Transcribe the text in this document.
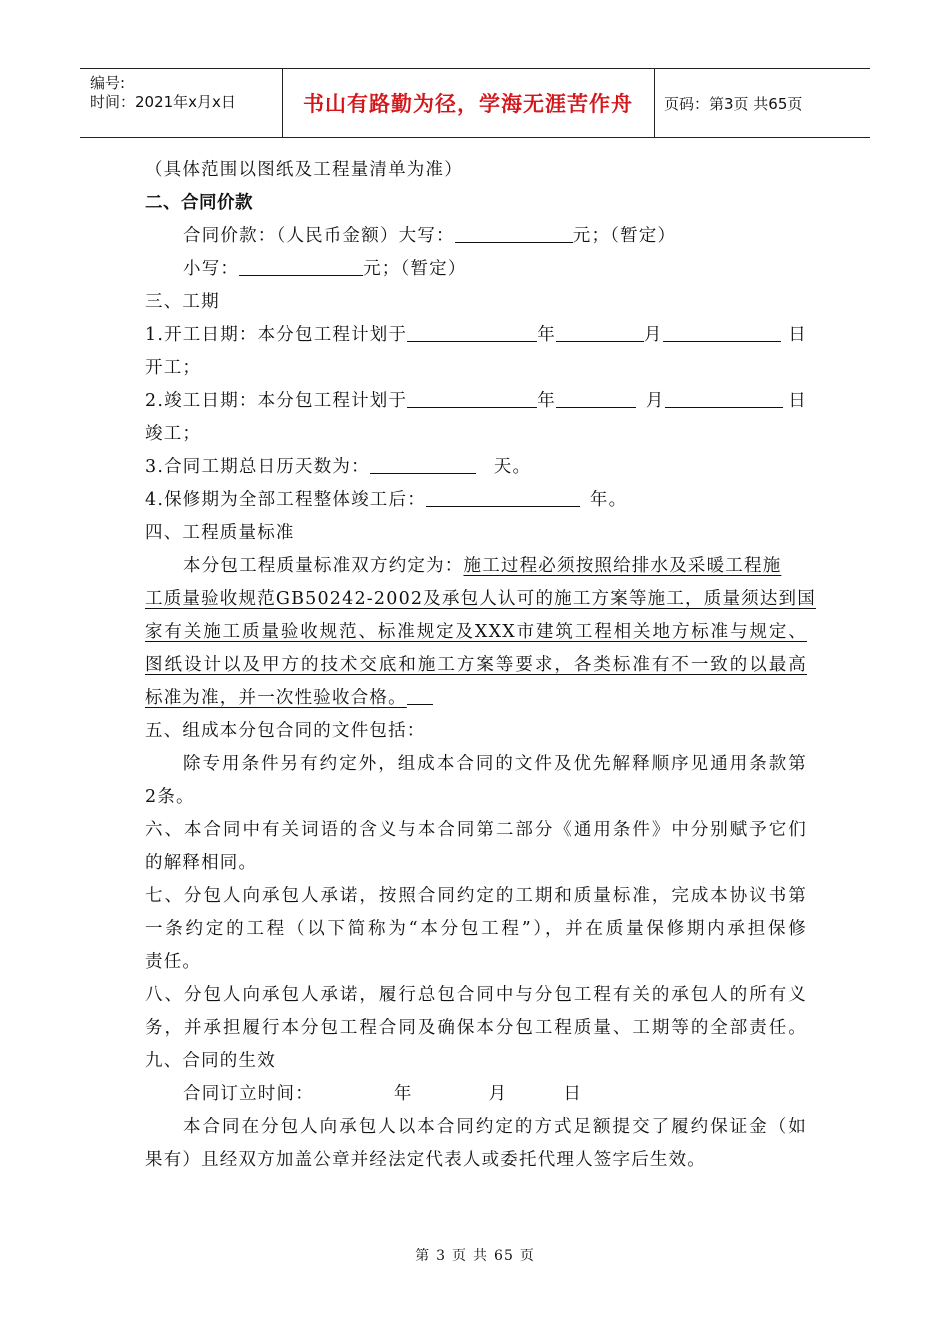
编号:
时间：2021年x月x日	书山有路勤为径，学海无涯苦作舟	页码：第3页 共65页
（具体范围以图纸及工程量清单为准）
二、合同价款
合同价款：（人民币金额）大写：	元；（暂定）
小写：	元；（暂定）
三、工期
1.开工日期：本分包工程计划于	年	月	日
开工；
2.竣工日期：本分包工程计划于	年	月	日
竣工；
3.合同工期总日历天数为：	天。
4.保修期为全部工程整体竣工后：	年。
四、工程质量标准
本分包工程质量标准双方约定为：施工过程必须按照给排水及采暖工程施
工质量验收规范GB50242-2002及承包人认可的施工方案等施工，质量须达到国
家有关施工质量验收规范、标准规定及XXX市建筑工程相关地方标准与规定、
图纸设计以及甲方的技术交底和施工方案等要求，各类标准有不一致的以最高
标准为准，并一次性验收合格。
五、组成本分包合同的文件包括：
除专用条件另有约定外，组成本合同的文件及优先解释顺序见通用条款第
2条。
六、本合同中有关词语的含义与本合同第二部分《通用条件》中分别赋予它们
的解释相同。
七、分包人向承包人承诺，按照合同约定的工期和质量标准，完成本协议书第
一条约定的工程（以下简称为“本分包工程”），并在质量保修期内承担保修
责任。
八、分包人向承包人承诺，履行总包合同中与分包工程有关的承包人的所有义
务，并承担履行本分包工程合同及确保本分包工程质量、工期等的全部责任。
九、合同的生效
合同订立时间：	年	月	日
本合同在分包人向承包人以本合同约定的方式足额提交了履约保证金（如
果有）且经双方加盖公章并经法定代表人或委托代理人签字后生效。
第 3 页 共 65 页
